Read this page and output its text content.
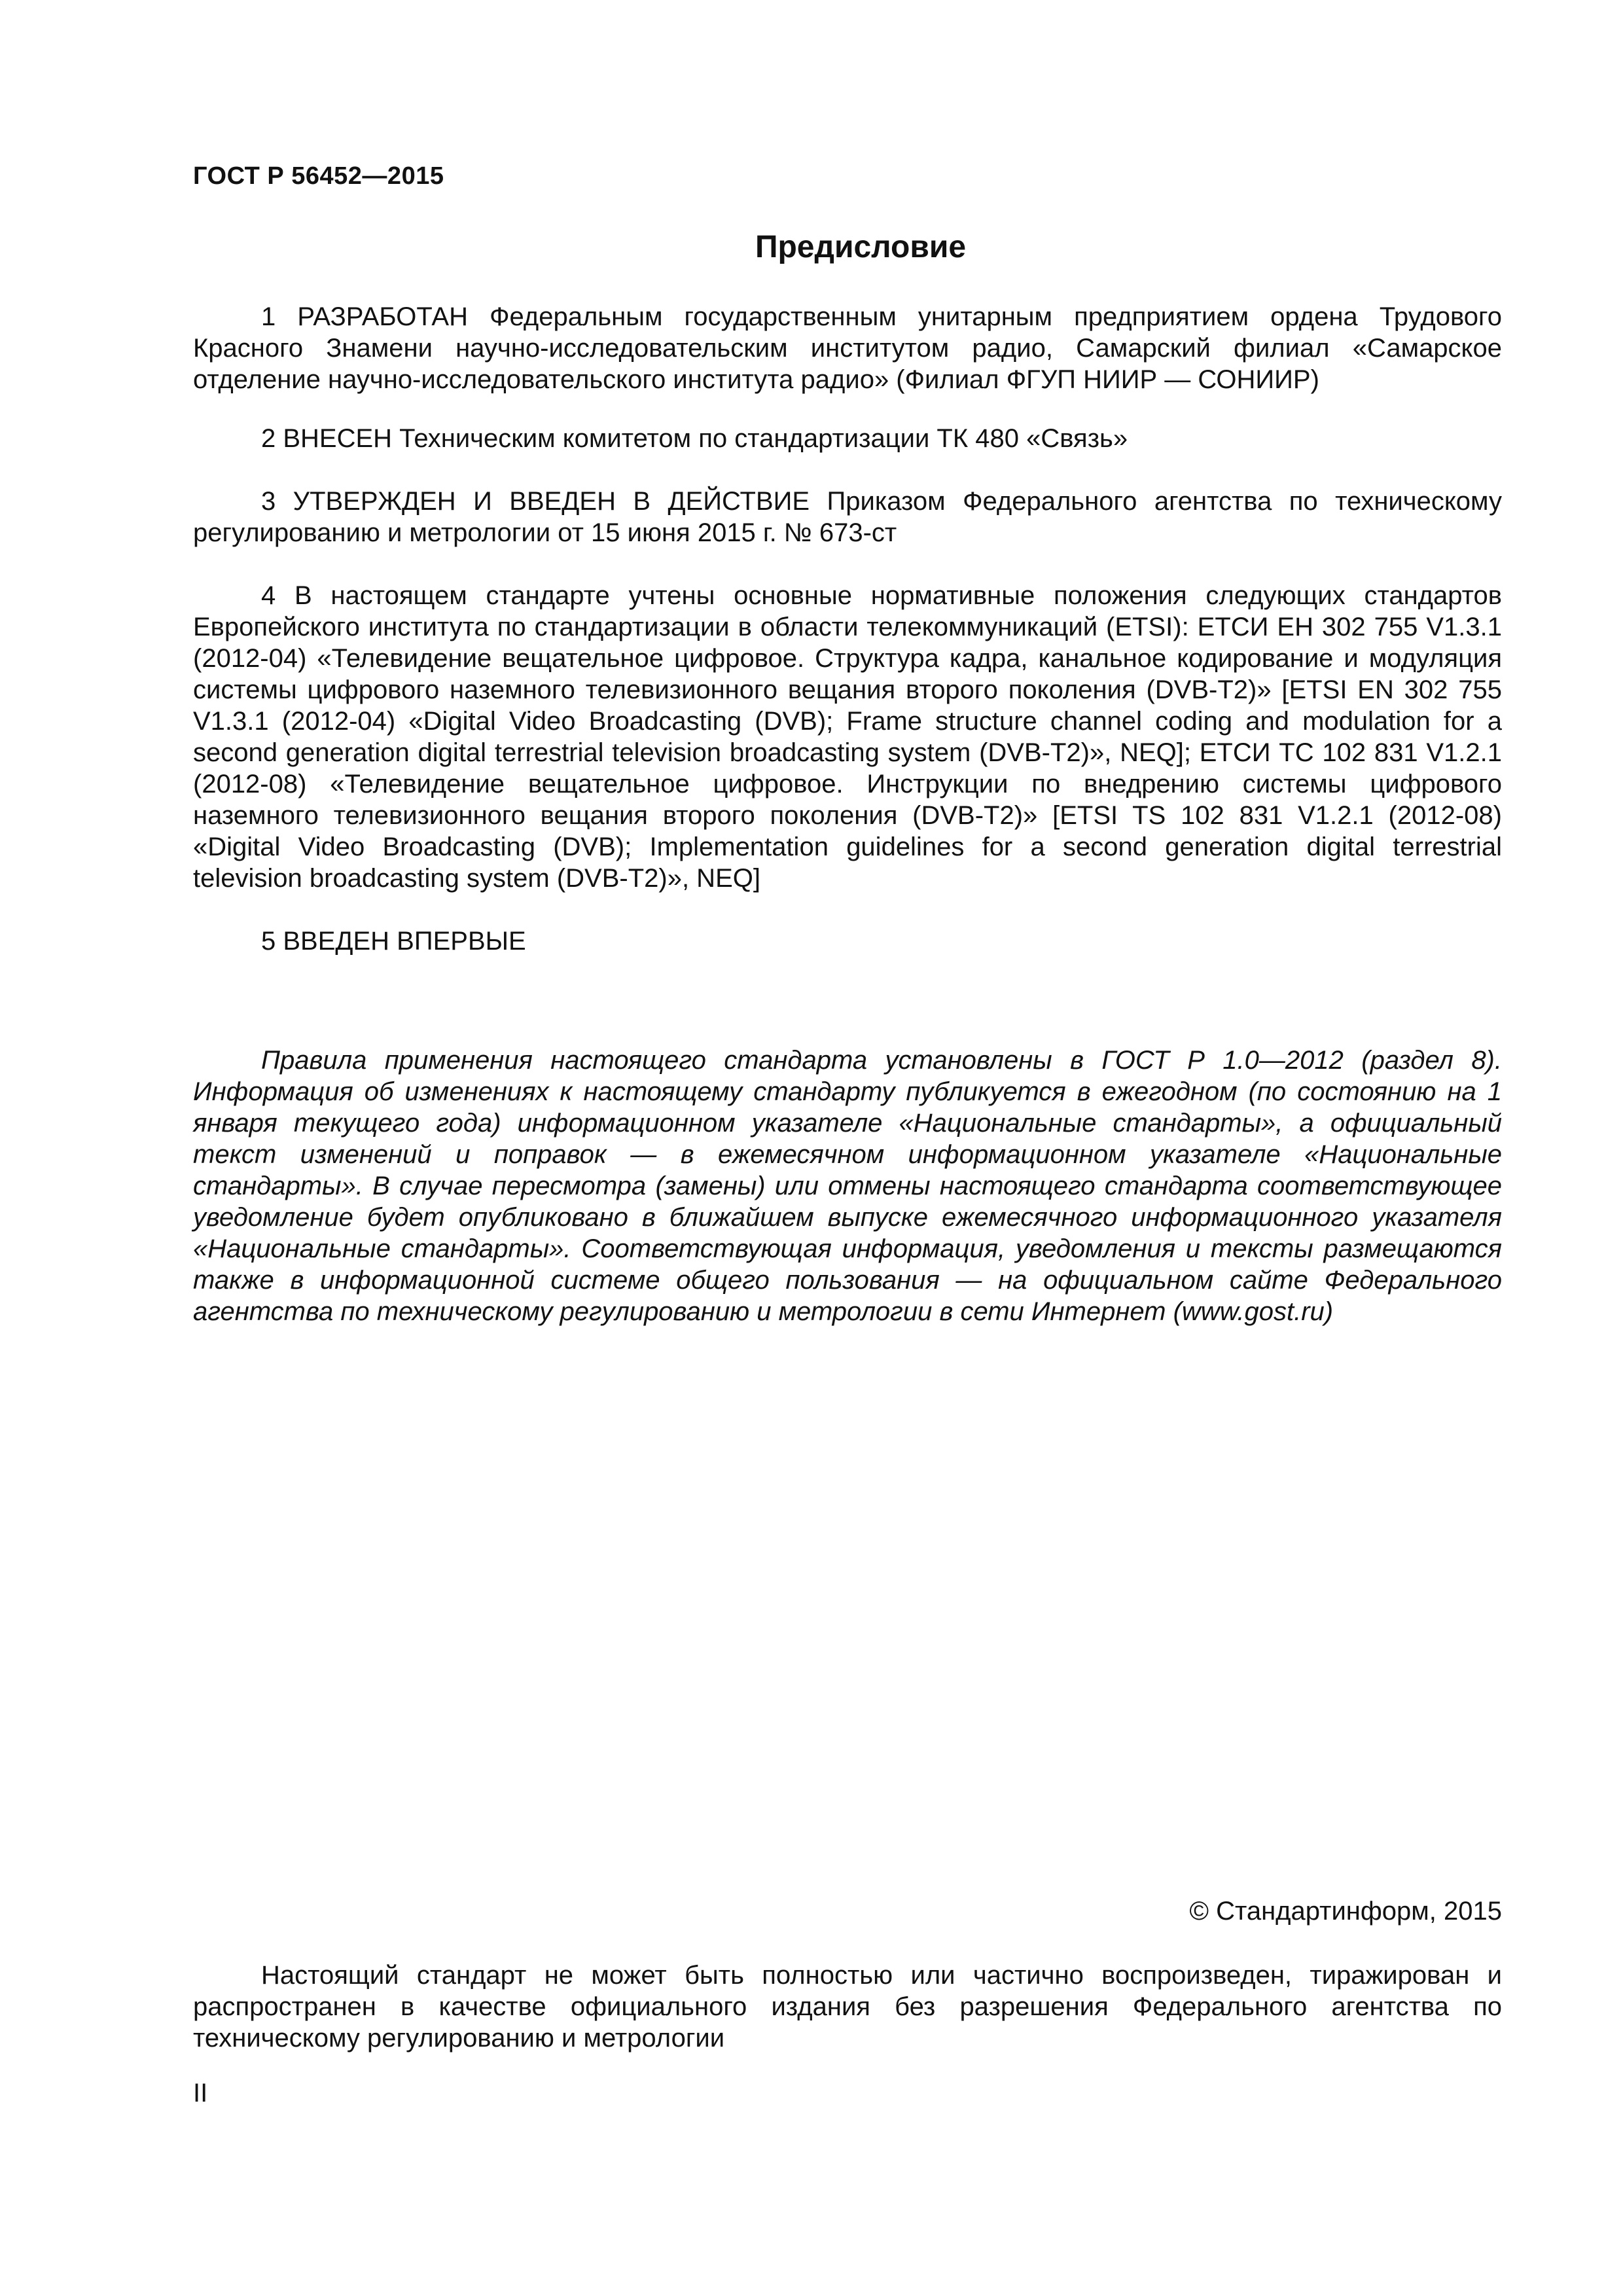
ГОСТ Р 56452—2015
Предисловие

1 РАЗРАБОТАН Федеральным государственным унитарным предприятием ордена Трудового Красного Знамени научно-исследовательским институтом радио, Самарский филиал «Самарское отделение научно-исследовательского института радио» (Филиал ФГУП НИИР — СОНИИР)

2 ВНЕСЕН Техническим комитетом по стандартизации ТК 480 «Связь»

3 УТВЕРЖДЕН И ВВЕДЕН В ДЕЙСТВИЕ Приказом Федерального агентства по техническому регулированию и метрологии от 15 июня 2015 г. № 673-ст

4 В настоящем стандарте учтены основные нормативные положения следующих стандартов Европейского института по стандартизации в области телекоммуникаций (ETSI): ЕТСИ ЕН 302 755 V1.3.1 (2012-04) «Телевидение вещательное цифровое. Структура кадра, канальное кодирование и модуляция системы цифрового наземного телевизионного вещания второго поколения (DVB-T2)» [ETSI EN 302 755 V1.3.1 (2012-04) «Digital Video Broadcasting (DVB); Frame structure channel coding and modulation for a second generation digital terrestrial television broadcasting system (DVB-T2)», NEQ]; ЕТСИ ТС 102 831 V1.2.1 (2012-08) «Телевидение вещательное цифровое. Инструкции по внедрению системы цифрового наземного телевизионного вещания второго поколения (DVB-T2)» [ETSI TS 102 831 V1.2.1 (2012-08) «Digital Video Broadcasting (DVB); Implementation guidelines for a second generation digital terrestrial television broadcasting system (DVB-T2)», NEQ]

5 ВВЕДЕН ВПЕРВЫЕ

Правила применения настоящего стандарта установлены в ГОСТ Р 1.0—2012 (раздел 8). Информация об изменениях к настоящему стандарту публикуется в ежегодном (по состоянию на 1 января текущего года) информационном указателе «Национальные стандарты», а официальный текст изменений и поправок — в ежемесячном информационном указателе «Национальные стандарты». В случае пересмотра (замены) или отмены настоящего стандарта соответствующее уведомление будет опубликовано в ближайшем выпуске ежемесячного информационного указателя «Национальные стандарты». Соответствующая информация, уведомления и тексты размещаются также в информационной системе общего пользования — на официальном сайте Федерального агентства по техническому регулированию и метрологии в сети Интернет (www.gost.ru)

© Стандартинформ, 2015

Настоящий стандарт не может быть полностью или частично воспроизведен, тиражирован и распространен в качестве официального издания без разрешения Федерального агентства по техническому регулированию и метрологии

II
